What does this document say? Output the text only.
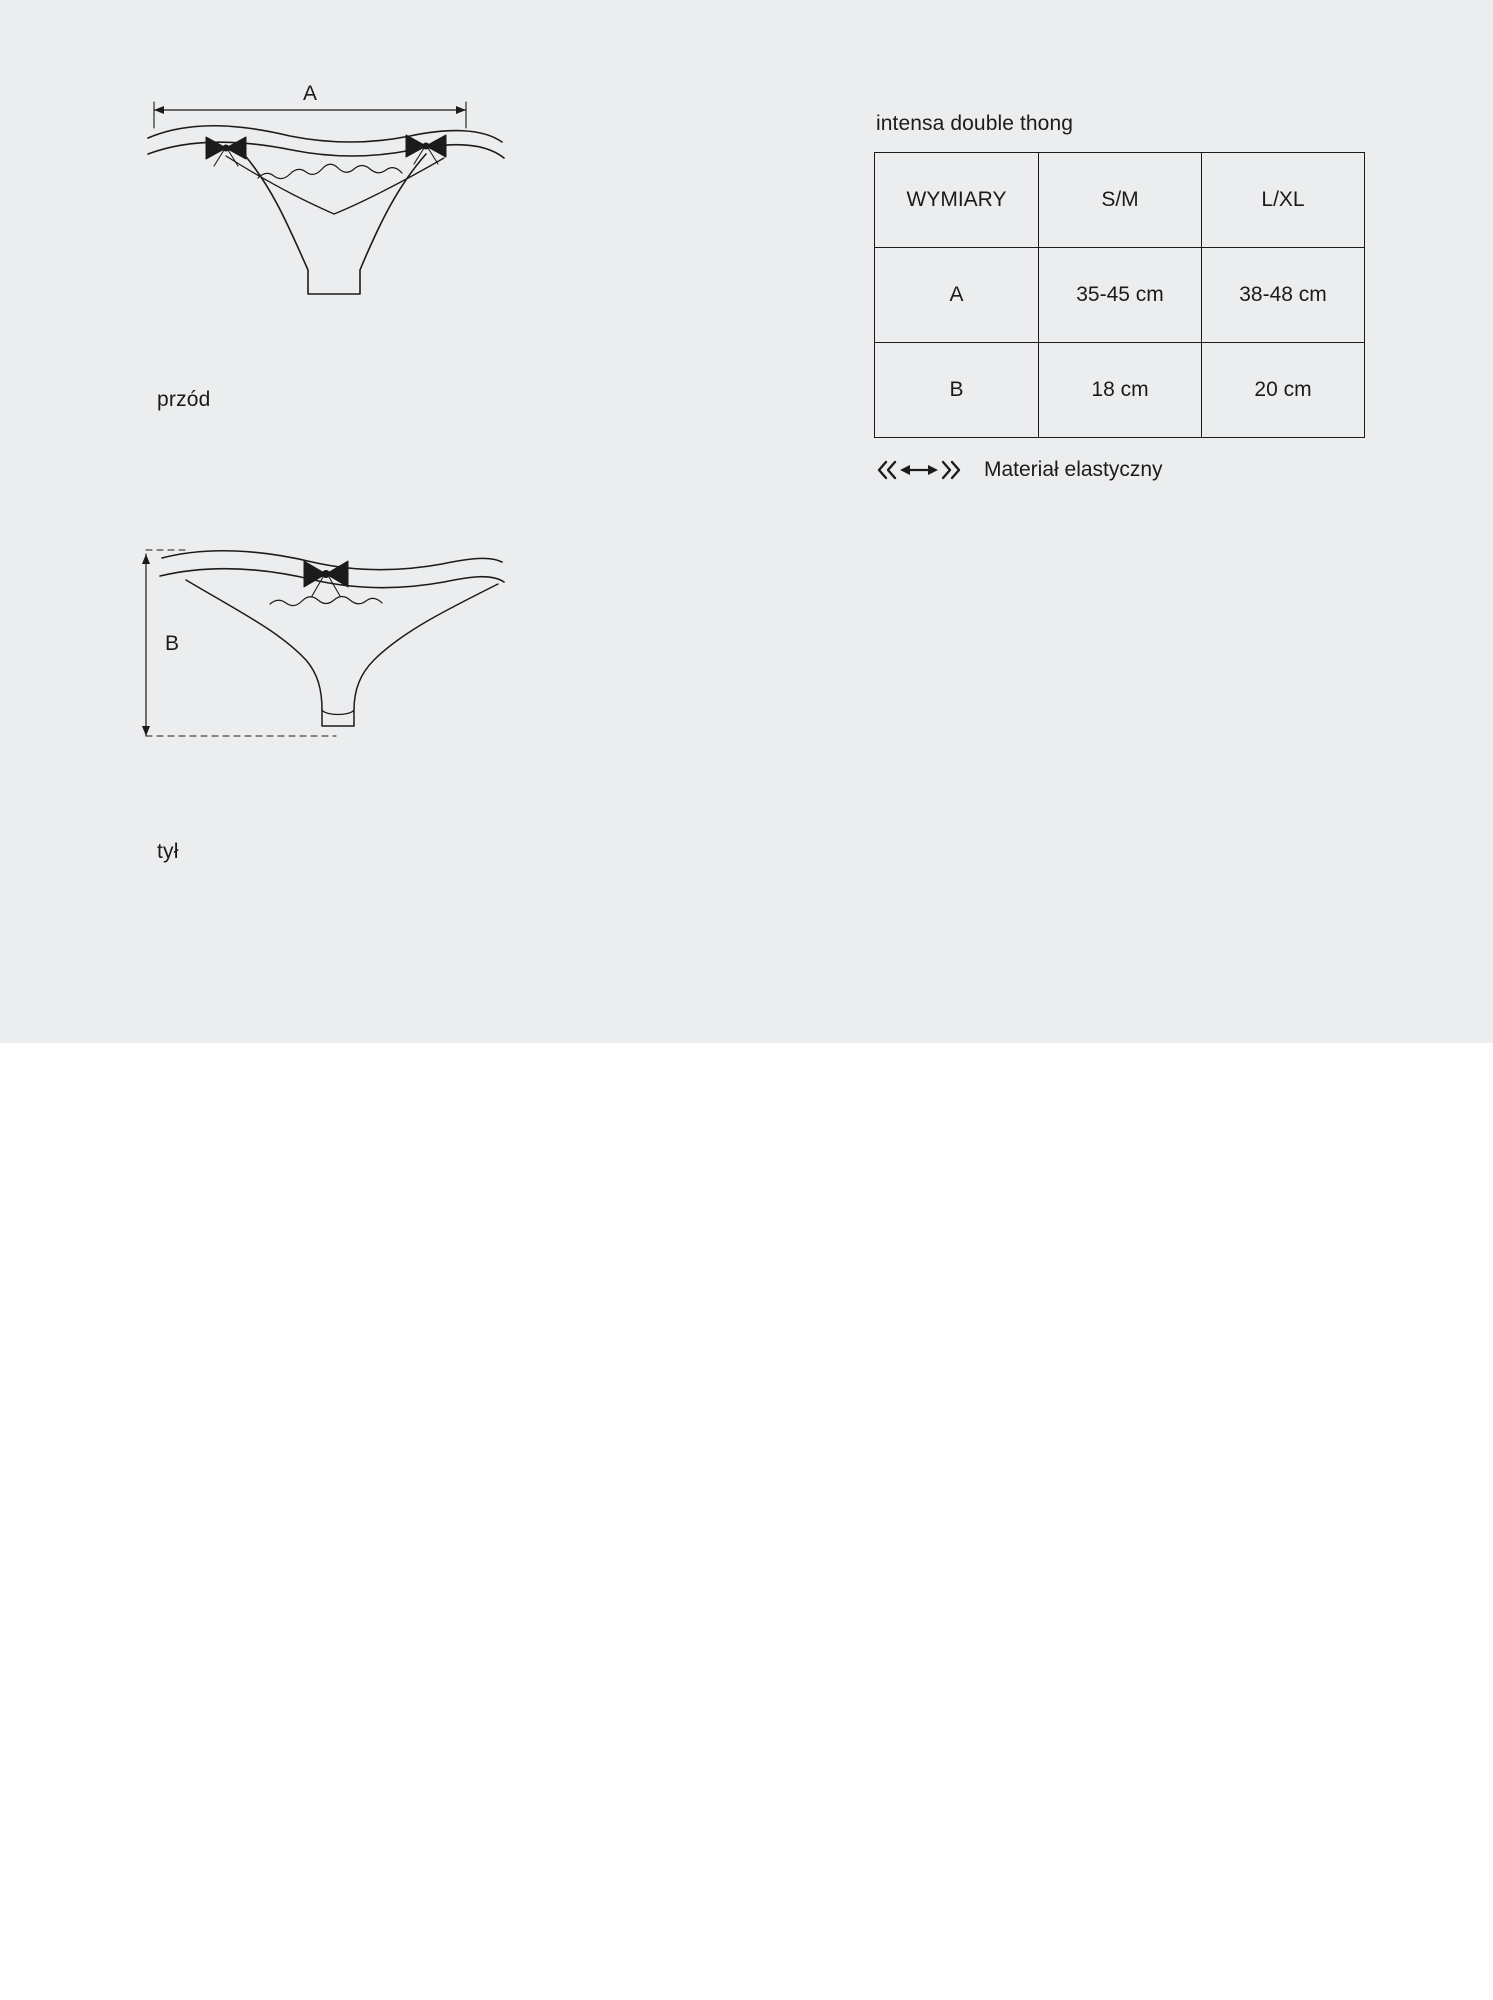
A
przód
B
tył
intensa double thong
WYMIARY	S/M	L/XL
A	35-45 cm	38-48 cm
B	18 cm	20 cm
Materiał elastyczny
